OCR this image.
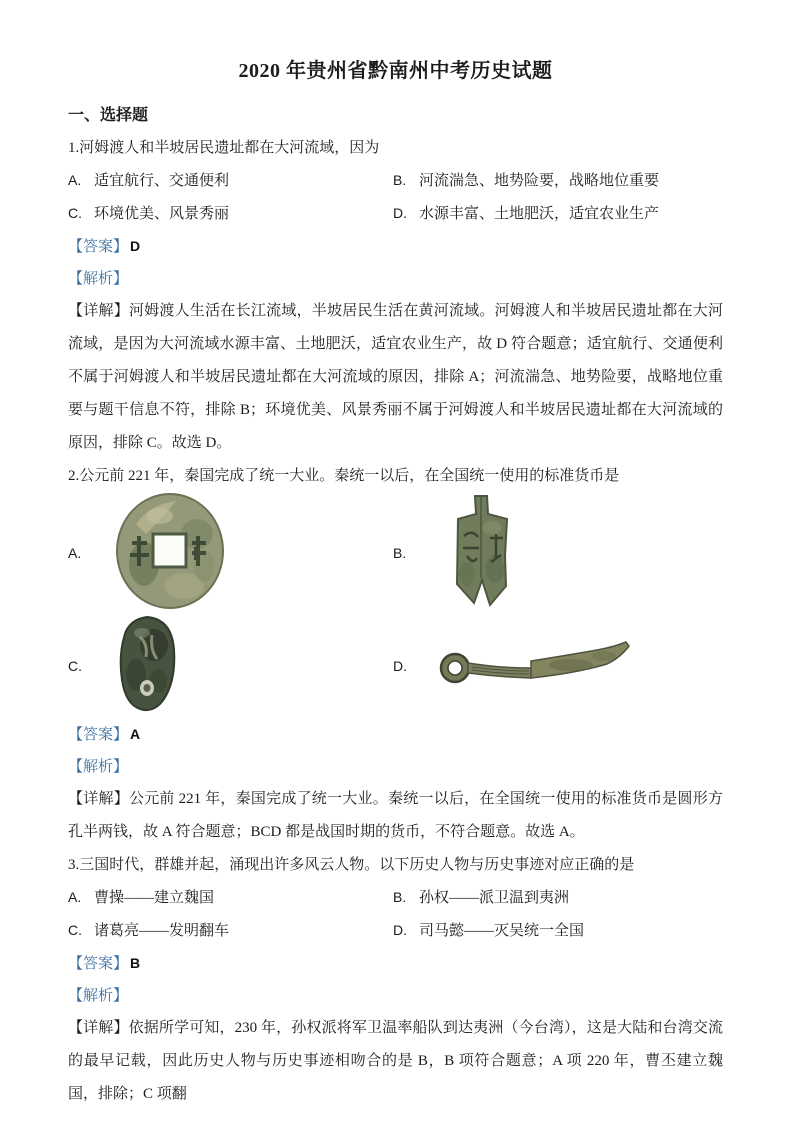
2020 年贵州省黔南州中考历史试题
一、选择题

1.河姆渡人和半坡居民遗址都在大河流域，因为

A. 适宜航行、交通便利	B. 河流湍急、地势险要，战略地位重要
C. 环境优美、风景秀丽	D. 水源丰富、土地肥沃，适宜农业生产

【答案】 D

【解析】

【详解】河姆渡人生活在长江流域，半坡居民生活在黄河流域。河姆渡人和半坡居民遗址都在大河流域，是因为大河流域水源丰富、土地肥沃，适宜农业生产，故 D 符合题意；适宜航行、交通便利不属于河姆渡人和半坡居民遗址都在大河流域的原因，排除 A；河流湍急、地势险要，战略地位重要与题干信息不符，排除 B；环境优美、风景秀丽不属于河姆渡人和半坡居民遗址都在大河流域的原因，排除 C。故选 D。

2.公元前 221 年，秦国完成了统一大业。秦统一以后，在全国统一使用的标准货币是

A.	B.
C.	D.

【答案】 A

【解析】

【详解】公元前 221 年，秦国完成了统一大业。秦统一以后，在全国统一使用的标准货币是圆形方孔半两钱，故 A 符合题意；BCD 都是战国时期的货币，不符合题意。故选 A。

3.三国时代，群雄并起，涌现出许多风云人物。以下历史人物与历史事迹对应正确的是

A. 曹操——建立魏国	B. 孙权——派卫温到夷洲
C. 诸葛亮——发明翻车	D. 司马懿——灭吴统一全国

【答案】 B

【解析】

【详解】依据所学可知，230 年，孙权派将军卫温率船队到达夷洲（今台湾），这是大陆和台湾交流的最早记载，因此历史人物与历史事迹相吻合的是 B，B 项符合题意；A 项 220 年，曹丕建立魏国，排除；C 项翻
